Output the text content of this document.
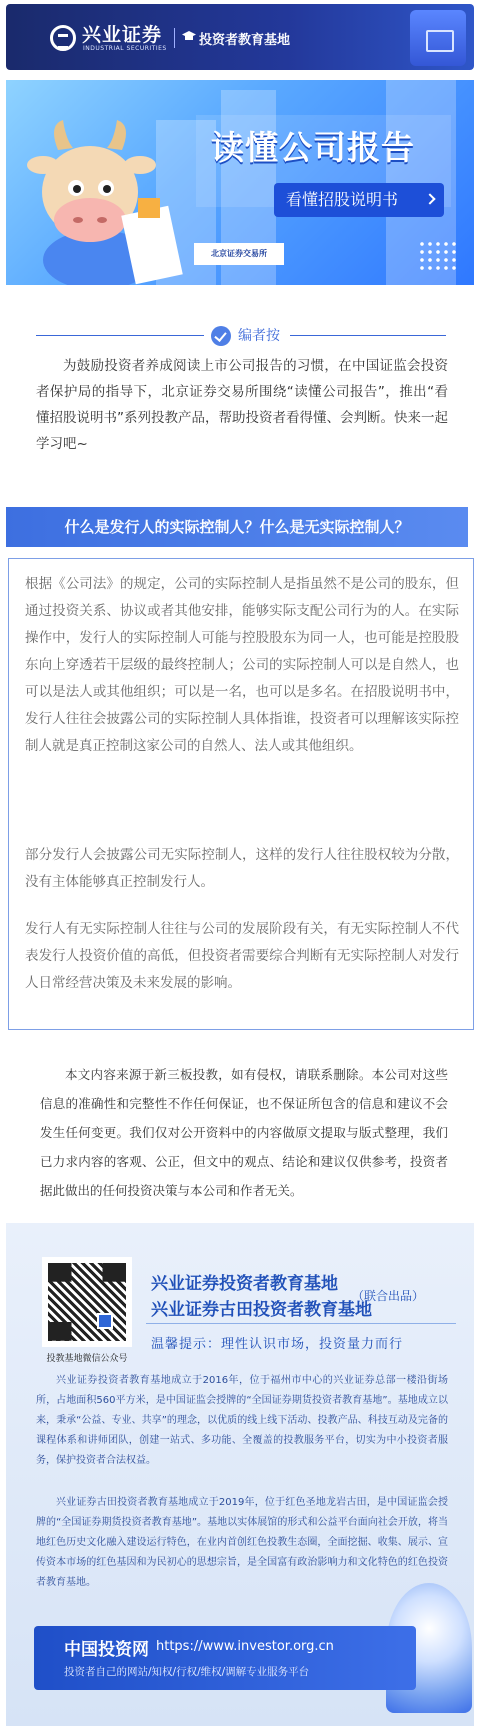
兴业证券
INDUSTRIAL SECURITIES
投资者教育基地
读懂公司报告
看懂招股说明书
北京证券交易所
编者按
为鼓励投资者养成阅读上市公司报告的习惯，在中国证监会投资者保护局的指导下，北京证券交易所围绕“读懂公司报告”，推出“看懂招股说明书”系列投教产品，帮助投资者看得懂、会判断。快来一起学习吧~
什么是发行人的实际控制人？什么是无实际控制人？

根据《公司法》的规定，公司的实际控制人是指虽然不是公司的股东，但通过投资关系、协议或者其他安排，能够实际支配公司行为的人。在实际操作中，发行人的实际控制人可能与控股股东为同一人，也可能是控股股东向上穿透若干层级的最终控制人；公司的实际控制人可以是自然人，也可以是法人或其他组织；可以是一名，也可以是多名。在招股说明书中，发行人往往会披露公司的实际控制人具体指谁，投资者可以理解该实际控制人就是真正控制这家公司的自然人、法人或其他组织。

部分发行人会披露公司无实际控制人，这样的发行人往往股权较为分散，没有主体能够真正控制发行人。

发行人有无实际控制人往往与公司的发展阶段有关，有无实际控制人不代表发行人投资价值的高低，但投资者需要综合判断有无实际控制人对发行人日常经营决策及未来发展的影响。

本文内容来源于新三板投教，如有侵权，请联系删除。本公司对这些信息的准确性和完整性不作任何保证，也不保证所包含的信息和建议不会发生任何变更。我们仅对公开资料中的内容做原文提取与版式整理，我们已力求内容的客观、公正，但文中的观点、结论和建议仅供参考，投资者据此做出的任何投资决策与本公司和作者无关。
投教基地微信公众号
兴业证券投资者教育基地
兴业证券古田投资者教育基地
（联合出品）
温馨提示：理性认识市场，投资量力而行

兴业证券投资者教育基地成立于2016年，位于福州市中心的兴业证券总部一楼沿街场所，占地面积560平方米，是中国证监会授牌的“全国证券期货投资者教育基地”。基地成立以来，秉承“公益、专业、共享”的理念，以优质的线上线下活动、投教产品、科技互动及完备的课程体系和讲师团队，创建一站式、多功能、全覆盖的投教服务平台，切实为中小投资者服务，保护投资者合法权益。

兴业证券古田投资者教育基地成立于2019年，位于红色圣地龙岩古田，是中国证监会授牌的“全国证券期货投资者教育基地”。基地以实体展馆的形式和公益平台面向社会开放，将当地红色历史文化融入建设运行特色，在业内首创红色投教生态圈，全面挖掘、收集、展示、宣传资本市场的红色基因和为民初心的思想宗旨，是全国富有政治影响力和文化特色的红色投资者教育基地。

中国投资网 https://www.investor.org.cn
投资者自己的网站/知权/行权/维权/调解专业服务平台
